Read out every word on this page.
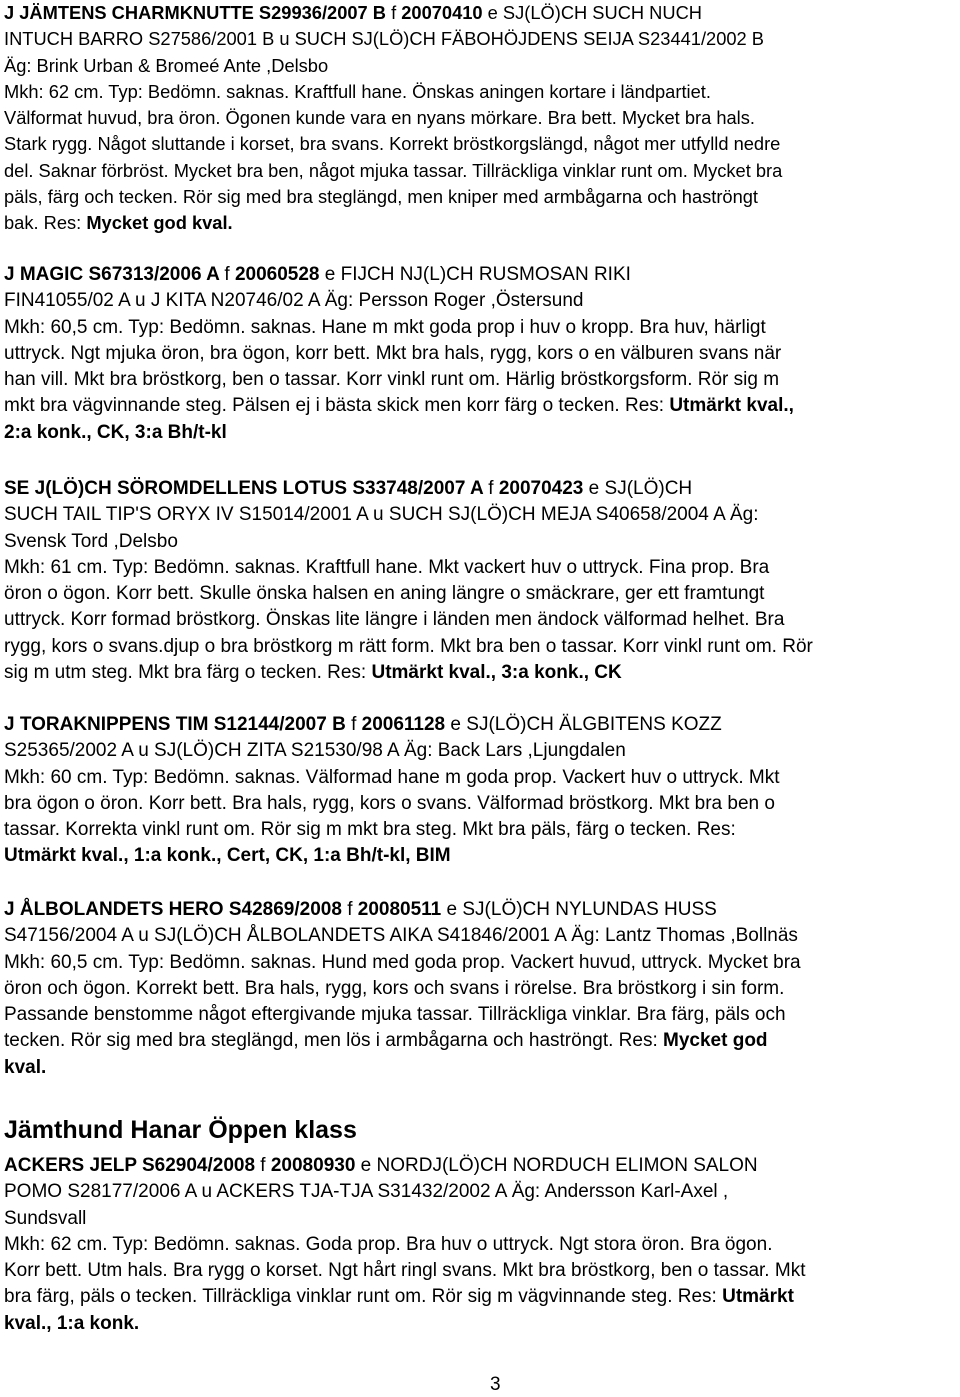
J JÄMTENS CHARMKNUTTE S29936/2007 B f 20070410 e SJ(LÖ)CH SUCH NUCH
INTUCH BARRO S27586/2001 B u SUCH SJ(LÖ)CH FÄBOHÖJDENS SEIJA S23441/2002 B
Äg: Brink Urban & Bromeé Ante ,Delsbo
Mkh: 62 cm. Typ: Bedömn. saknas. Kraftfull hane. Önskas aningen kortare i ländpartiet.
Välformat huvud, bra öron. Ögonen kunde vara en nyans mörkare. Bra bett. Mycket bra hals.
Stark rygg. Något sluttande i korset, bra svans. Korrekt bröstkorgslängd, något mer utfylld nedre
del. Saknar förbröst. Mycket bra ben, något mjuka tassar. Tillräckliga vinklar runt om. Mycket bra
päls, färg och tecken. Rör sig med bra steglängd, men kniper med armbågarna och haströngt
bak. Res: Mycket god kval.
J MAGIC S67313/2006 A f 20060528 e FIJCH NJ(L)CH RUSMOSAN RIKI
FIN41055/02 A u J KITA N20746/02 A Äg: Persson Roger ,Östersund
Mkh: 60,5 cm. Typ: Bedömn. saknas. Hane m mkt goda prop i huv o kropp. Bra huv, härligt
uttryck. Ngt mjuka öron, bra ögon, korr bett. Mkt bra hals, rygg, kors o en välburen svans när
han vill. Mkt bra bröstkorg, ben o tassar. Korr vinkl runt om. Härlig bröstkorgsform. Rör sig m
mkt bra vägvinnande steg. Pälsen ej i bästa skick men korr färg o tecken. Res: Utmärkt kval.,
2:a konk., CK, 3:a Bh/t-kl
SE J(LÖ)CH SÖROMDELLENS LOTUS S33748/2007 A f 20070423 e SJ(LÖ)CH
SUCH TAIL TIP'S ORYX IV S15014/2001 A u SUCH SJ(LÖ)CH MEJA S40658/2004 A Äg:
Svensk Tord ,Delsbo
Mkh: 61 cm. Typ: Bedömn. saknas. Kraftfull hane. Mkt vackert huv o uttryck. Fina prop. Bra
öron o ögon. Korr bett. Skulle önska halsen en aning längre o smäckrare, ger ett framtungt
uttryck. Korr formad bröstkorg. Önskas lite längre i länden men ändock välformad helhet. Bra
rygg, kors o svans.djup o bra bröstkorg m rätt form. Mkt bra ben o tassar. Korr vinkl runt om. Rör
sig m utm steg. Mkt bra färg o tecken. Res: Utmärkt kval., 3:a konk., CK
J TORAKNIPPENS TIM S12144/2007 B f 20061128 e SJ(LÖ)CH ÄLGBITENS KOZZ
S25365/2002 A u SJ(LÖ)CH ZITA S21530/98 A Äg: Back Lars ,Ljungdalen
Mkh: 60 cm. Typ: Bedömn. saknas. Välformad hane m goda prop. Vackert huv o uttryck. Mkt
bra ögon o öron. Korr bett. Bra hals, rygg, kors o svans. Välformad bröstkorg. Mkt bra ben o
tassar. Korrekta vinkl runt om. Rör sig m mkt bra steg. Mkt bra päls, färg o tecken. Res:
Utmärkt kval., 1:a konk., Cert, CK, 1:a Bh/t-kl, BIM
J ÅLBOLANDETS HERO S42869/2008 f 20080511 e SJ(LÖ)CH NYLUNDAS HUSS
S47156/2004 A u SJ(LÖ)CH ÅLBOLANDETS AIKA S41846/2001 A Äg: Lantz Thomas ,Bollnäs
Mkh: 60,5 cm. Typ: Bedömn. saknas. Hund med goda prop. Vackert huvud, uttryck. Mycket bra
öron och ögon. Korrekt bett. Bra hals, rygg, kors och svans i rörelse. Bra bröstkorg i sin form.
Passande benstomme något eftergivande mjuka tassar. Tillräckliga vinklar. Bra färg, päls och
tecken. Rör sig med bra steglängd, men lös i armbågarna och haströngt. Res: Mycket god
kval.
Jämthund Hanar Öppen klass
ACKERS JELP S62904/2008 f 20080930 e NORDJ(LÖ)CH NORDUCH ELIMON SALON
POMO S28177/2006 A u ACKERS TJA-TJA S31432/2002 A Äg: Andersson Karl-Axel ,
Sundsvall
Mkh: 62 cm. Typ: Bedömn. saknas. Goda prop. Bra huv o uttryck. Ngt stora öron. Bra ögon.
Korr bett. Utm hals. Bra rygg o korset. Ngt hårt ringl svans. Mkt bra bröstkorg, ben o tassar. Mkt
bra färg, päls o tecken. Tillräckliga vinklar runt om. Rör sig m vägvinnande steg. Res: Utmärkt
kval., 1:a konk.
3
